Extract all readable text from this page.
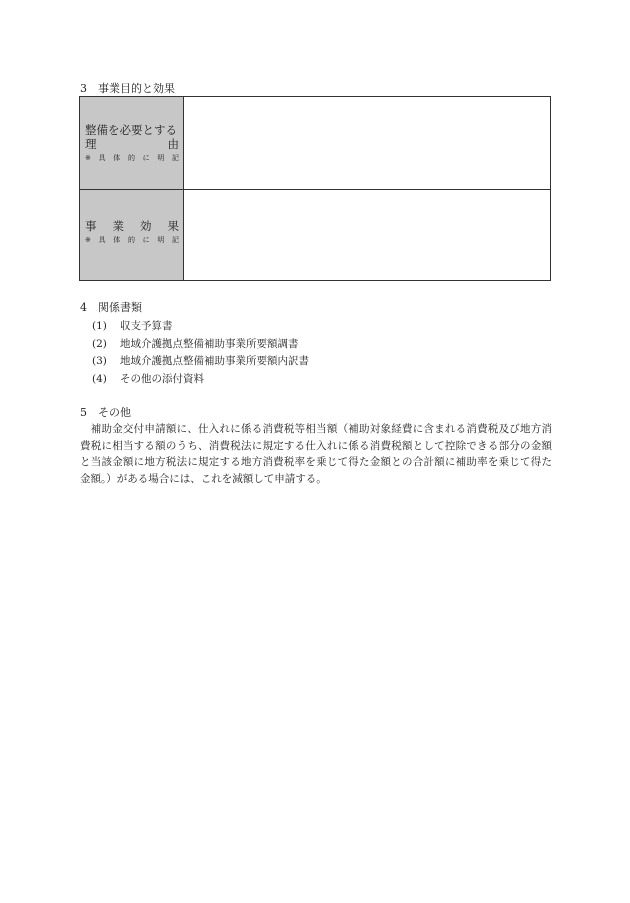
3　事業目的と効果
整備を必要とする
理	由
※ 具 体 的 に 明 記
事 業 効 果
※ 具 体 的 に 明 記
4　関係書類
(1) 収支予算書
(2) 地域介護拠点整備補助事業所要額調書
(3) 地域介護拠点整備補助事業所要額内訳書
(4) その他の添付資料
5　その他
　補助金交付申請額に、仕入れに係る消費税等相当額（補助対象経費に含まれる消費税及び地方消費税に相当する額のうち、消費税法に規定する仕入れに係る消費税額として控除できる部分の金額と当該金額に地方税法に規定する地方消費税率を乗じて得た金額との合計額に補助率を乗じて得た金額。）がある場合には、これを減額して申請する。
